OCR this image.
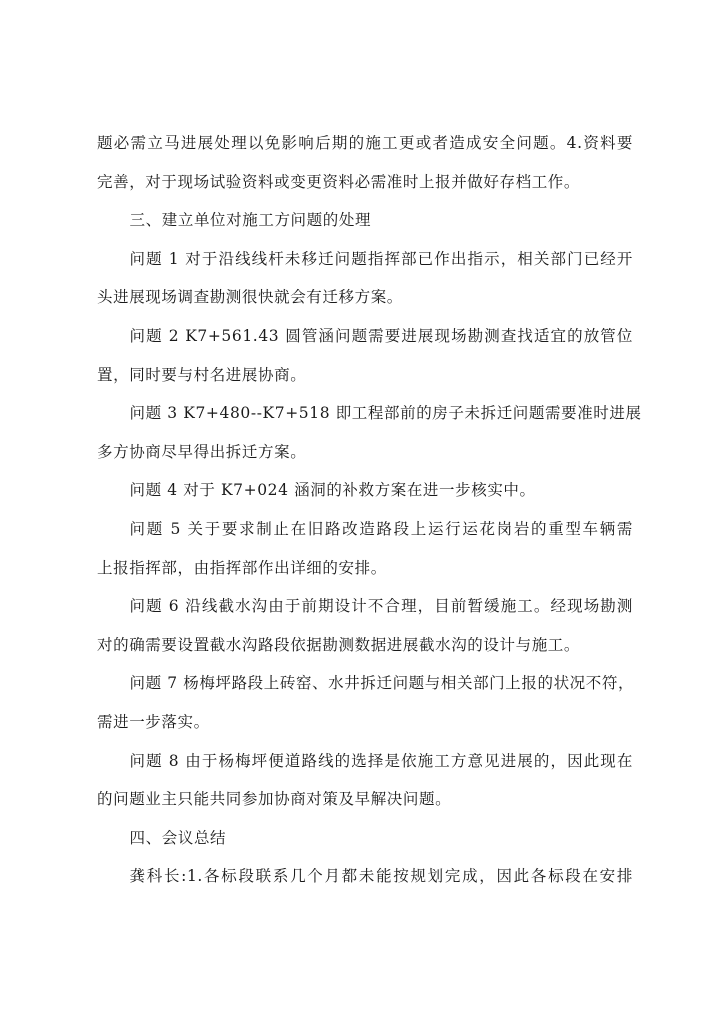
题必需立马进展处理以免影响后期的施工更或者造成安全问题。4.资料要
完善，对于现场试验资料或变更资料必需准时上报并做好存档工作。

三、建立单位对施工方问题的处理

问题 1 对于沿线线杆未移迁问题指挥部已作出指示，相关部门已经开
头进展现场调查勘测很快就会有迁移方案。

问题 2 K7+561.43 圆管涵问题需要进展现场勘测查找适宜的放管位
置，同时要与村名进展协商。

问题 3 K7+480--K7+518 即工程部前的房子未拆迁问题需要准时进展
多方协商尽早得出拆迁方案。

问题 4 对于 K7+024 涵洞的补救方案在进一步核实中。

问题 5 关于要求制止在旧路改造路段上运行运花岗岩的重型车辆需
上报指挥部，由指挥部作出详细的安排。

问题 6 沿线截水沟由于前期设计不合理，目前暂缓施工。经现场勘测
对的确需要设置截水沟路段依据勘测数据进展截水沟的设计与施工。

问题 7 杨梅坪路段上砖窑、水井拆迁问题与相关部门上报的状况不符，
需进一步落实。

问题 8 由于杨梅坪便道路线的选择是依施工方意见进展的，因此现在
的问题业主只能共同参加协商对策及早解决问题。

四、会议总结

龚科长:1.各标段联系几个月都未能按规划完成，因此各标段在安排
